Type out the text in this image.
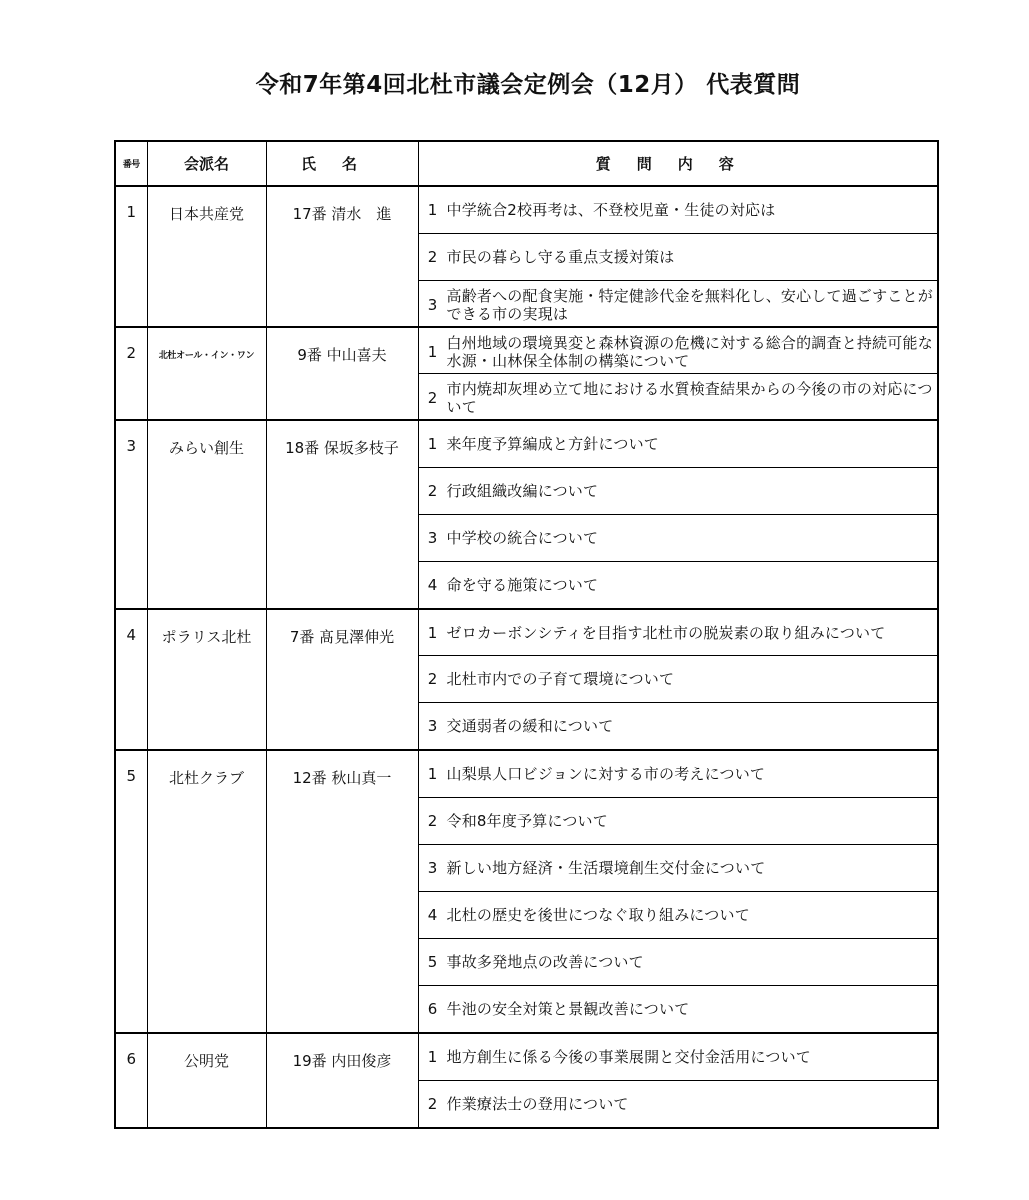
令和7年第4回北杜市議会定例会（12月） 代表質問
番号	会派名	氏名	質問内容
1	日本共産党	17番 清水　進	1 中学統合2校再考は、不登校児童・生徒の対応は

			2 市民の暮らし守る重点支援対策は

			3 高齢者への配食実施・特定健診代金を無料化し、安心して過ごすことができる市の実現は

2	北杜オール・イン・ワン	9番 中山喜夫	1 白州地域の環境異変と森林資源の危機に対する総合的調査と持続可能な水源・山林保全体制の構築について

			2 市内焼却灰埋め立て地における水質検査結果からの今後の市の対応について

3	みらい創生	18番 保坂多枝子	1 来年度予算編成と方針について

			2 行政組織改編について

			3 中学校の統合について

			4 命を守る施策について

4	ポラリス北杜	7番 髙見澤伸光	1 ゼロカーボンシティを目指す北杜市の脱炭素の取り組みについて

			2 北杜市内での子育て環境について

			3 交通弱者の緩和について

5	北杜クラブ	12番 秋山真一	1 山梨県人口ビジョンに対する市の考えについて

			2 令和8年度予算について

			3 新しい地方経済・生活環境創生交付金について

			4 北杜の歴史を後世につなぐ取り組みについて

			5 事故多発地点の改善について

			6 牛池の安全対策と景観改善について

6	公明党	19番 内田俊彦	1 地方創生に係る今後の事業展開と交付金活用について

			2 作業療法士の登用について
